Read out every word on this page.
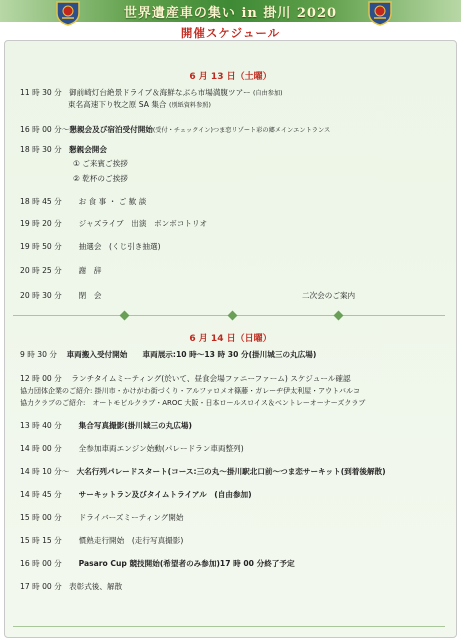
世界遺産車の集い in 掛川 2020
開催スケジュール
6 月 13 日（土曜）
11 時 30 分 御前崎灯台絶景ドライブ＆海鮮なぶら市場満腹ツアー (自由参加)
東名高速下り牧之原 SA 集合 (別紙資料参照)
16 時 00 分～懇親会及び宿泊受付開始(受付・チェックイン)つま恋リゾート彩の郷メインエントランス
18 時 30 分 懇親会開会
① ご来賓ご挨拶
② 乾杯のご挨拶
18 時 45 分 お 食 事 ・ ご 歓 談
19 時 20 分 ジャズライブ　出演　ボンボコトリオ
19 時 50 分 抽選会　(くじ引き抽選)
20 時 25 分 謝　辞
20 時 30 分 閉　会	二次会のご案内
6 月 14 日（日曜）
9 時 30 分 車両搬入受付開始　　車両展示:10 時～13 時 30 分(掛川城三の丸広場)
12 時 00 分 ランチタイムミーティング(於いて、昼食会場ファニーファーム) スケジュール確認
協力団体企業のご紹介: 掛川市・かけがわ街づくり・アルファロメオ篠藤・ガレーヂ伊太利屋・アウトバルコ
協力クラブのご紹介:　オートモビルクラブ・AROC 大阪・日本ロールスロイス＆ベントレーオーナーズクラブ
13 時 40 分 集合写真撮影(掛川城三の丸広場)
14 時 00 分 全参加車両エンジン始動(パレードラン車両整列)
14 時 10 分～ 大名行列パレードスタート(コース:三の丸～掛川駅北口前～つま恋サーキット(到着後解散)
14 時 45 分 サーキットラン及びタイムトライアル　(自由参加)
15 時 00 分 ドライバーズミーティング開始
15 時 15 分 慣熟走行開始　(走行写真撮影)
16 時 00 分 Pasaro Cup 競技開始(希望者のみ参加)17 時 00 分終了予定
17 時 00 分 表彰式後、解散
